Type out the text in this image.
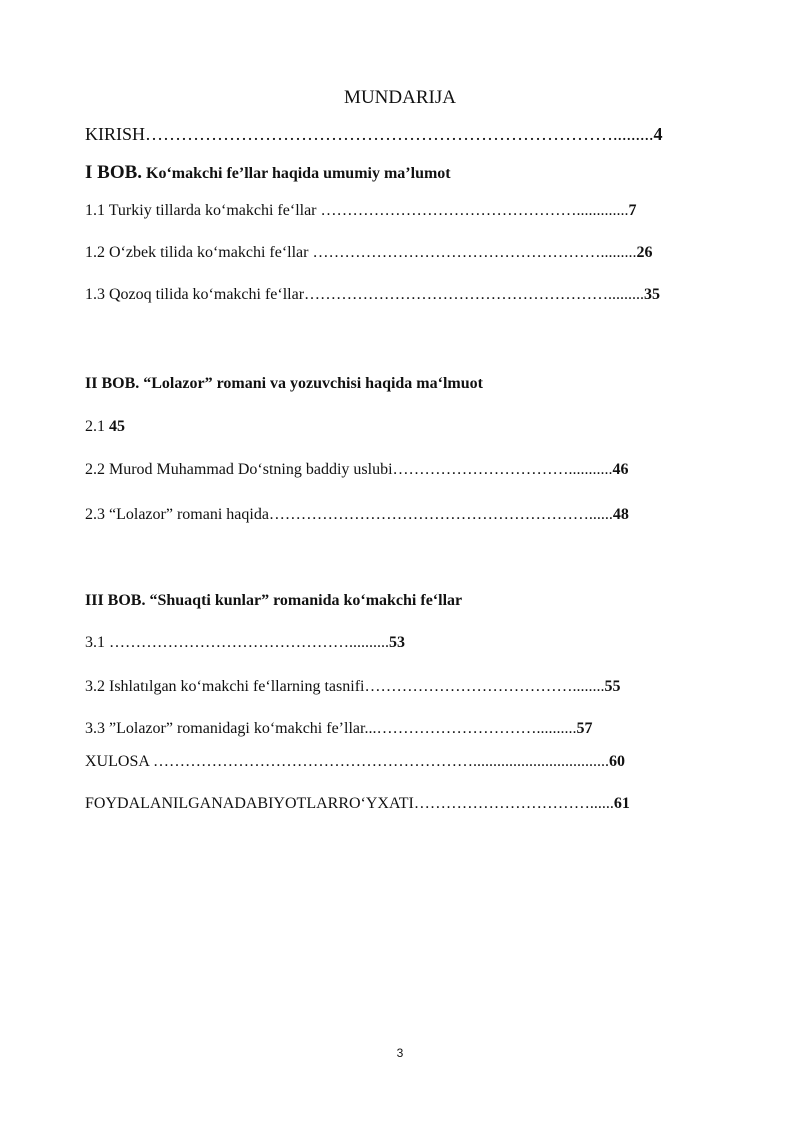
MUNDARIJA
KIRISH…………………………………………………………………….........4
I BOB. Ko‘makchi fe’llar haqida umumiy ma’lumot
1.1 Turkiy tillarda ko‘makchi fe‘llar ………………………………………….............7
1.2 O‘zbek tilida ko‘makchi fe‘llar ……………………………………………….........26
1.3 Qozoq tilida ko‘makchi fe‘llar………………………………………………….........35
II BOB. “Lolazor” romani va yozuvchisi haqida ma‘lmuot
2.1 45
2.2 Murod Muhammad Do‘stning baddiy uslubi……………………………...........46
2.3 “Lolazor” romani haqida……………………………………………………......48
III BOB. “Shuaqti kunlar” romanida ko‘makchi fe‘llar
3.1 ………………………………………..........53
3.2 Ishlatılgan ko‘makchi fe‘llarning tasnifi…………………………………........55
3.3 ”Lolazor” romanidagi ko‘makchi fe’llar...…………………………..........57
XULOSA ……………………………………………………..................................60
FOYDALANILGANADABIYOTLARRO‘YXATI……………………………......61
3
